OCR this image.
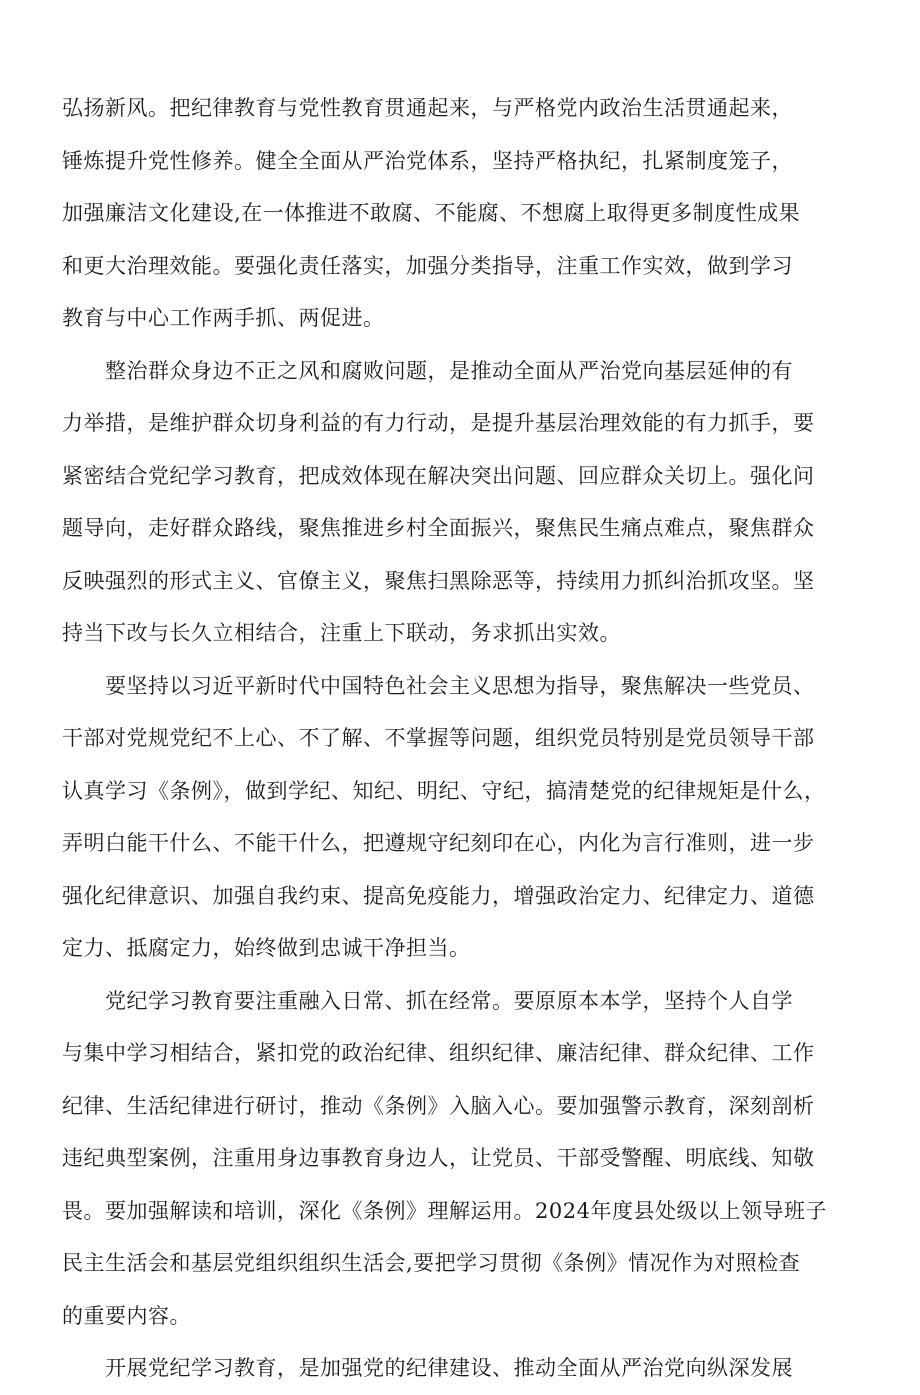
弘扬新风。把纪律教育与党性教育贯通起来，与严格党内政治生活贯通起来，
锤炼提升党性修养。健全全面从严治党体系，坚持严格执纪，扎紧制度笼子，
加强廉洁文化建设,在一体推进不敢腐、不能腐、不想腐上取得更多制度性成果
和更大治理效能。要强化责任落实，加强分类指导，注重工作实效，做到学习
教育与中心工作两手抓、两促进。
　　整治群众身边不正之风和腐败问题，是推动全面从严治党向基层延伸的有
力举措，是维护群众切身利益的有力行动，是提升基层治理效能的有力抓手，要
紧密结合党纪学习教育，把成效体现在解决突出问题、回应群众关切上。强化问
题导向，走好群众路线，聚焦推进乡村全面振兴，聚焦民生痛点难点，聚焦群众
反映强烈的形式主义、官僚主义，聚焦扫黑除恶等，持续用力抓纠治抓攻坚。坚
持当下改与长久立相结合，注重上下联动，务求抓出实效。
　　要坚持以习近平新时代中国特色社会主义思想为指导，聚焦解决一些党员、
干部对党规党纪不上心、不了解、不掌握等问题，组织党员特别是党员领导干部
认真学习《条例》，做到学纪、知纪、明纪、守纪，搞清楚党的纪律规矩是什么，
弄明白能干什么、不能干什么，把遵规守纪刻印在心，内化为言行准则，进一步
强化纪律意识、加强自我约束、提高免疫能力，增强政治定力、纪律定力、道德
定力、抵腐定力，始终做到忠诚干净担当。
　　党纪学习教育要注重融入日常、抓在经常。要原原本本学，坚持个人自学
与集中学习相结合，紧扣党的政治纪律、组织纪律、廉洁纪律、群众纪律、工作
纪律、生活纪律进行研讨，推动《条例》入脑入心。要加强警示教育，深刻剖析
违纪典型案例，注重用身边事教育身边人，让党员、干部受警醒、明底线、知敬
畏。要加强解读和培训，深化《条例》理解运用。2024年度县处级以上领导班子
民主生活会和基层党组织组织生活会,要把学习贯彻《条例》情况作为对照检查
的重要内容。
　　开展党纪学习教育，是加强党的纪律建设、推动全面从严治党向纵深发展
